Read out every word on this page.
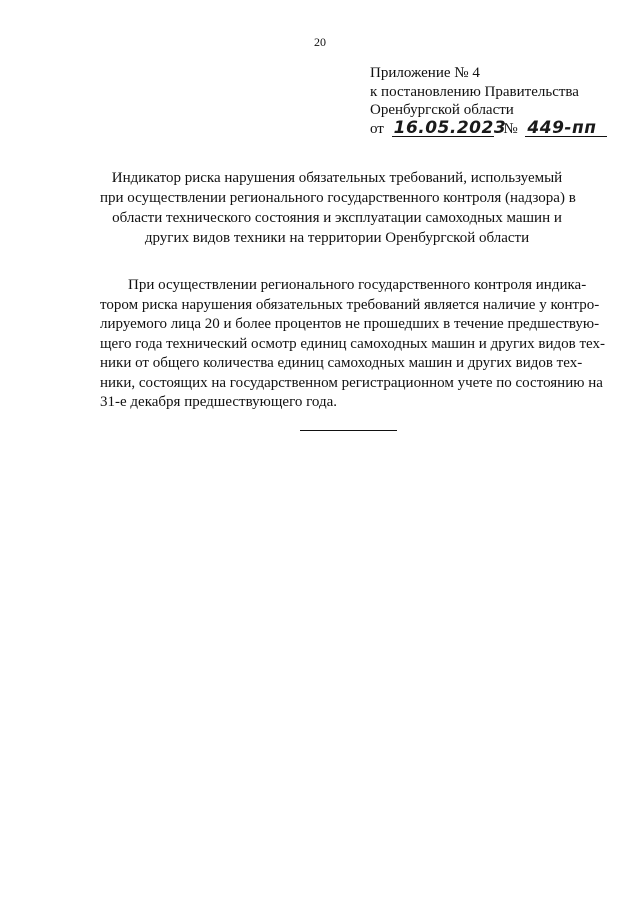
20
Приложение № 4
к постановлению Правительства
Оренбургской области
от 16.05.2023 № 449-пп
Индикатор риска нарушения обязательных требований, используемый
при осуществлении регионального государственного контроля (надзора) в
области технического состояния и эксплуатации самоходных машин и
других видов техники на территории Оренбургской области
При осуществлении регионального государственного контроля индика-
тором риска нарушения обязательных требований является наличие у контро-
лируемого лица 20 и более процентов не прошедших в течение предшествую-
щего года технический осмотр единиц самоходных машин и других видов тех-
ники от общего количества единиц самоходных машин и других видов тех-
ники, состоящих на государственном регистрационном учете по состоянию на
31-е декабря предшествующего года.
